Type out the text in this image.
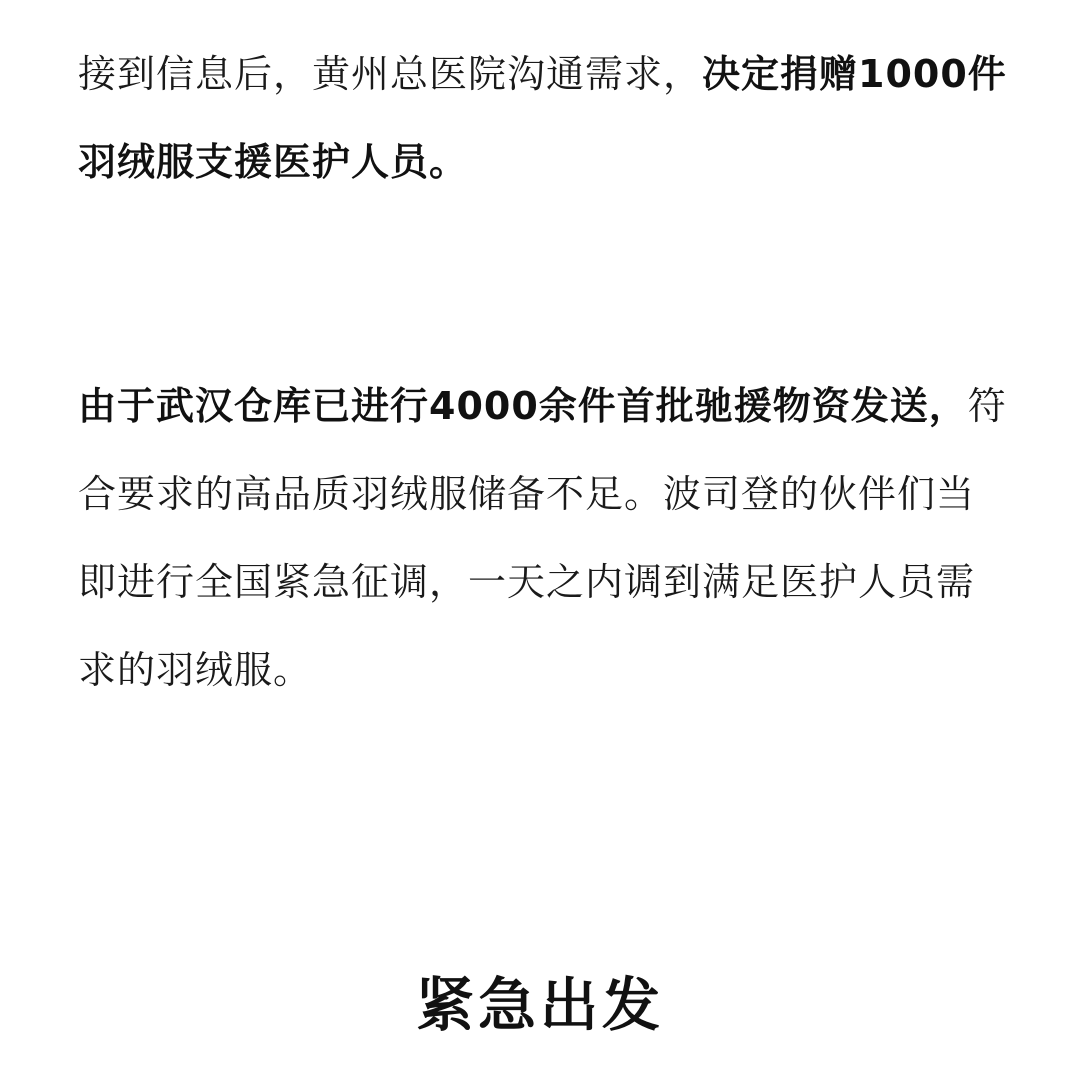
接到信息后，黄州总医院沟通需求，决定捐赠1000件羽绒服支援医护人员。

由于武汉仓库已进行4000余件首批驰援物资发送，符合要求的高品质羽绒服储备不足。波司登的伙伴们当即进行全国紧急征调，一天之内调到满足医护人员需求的羽绒服。

紧急出发
